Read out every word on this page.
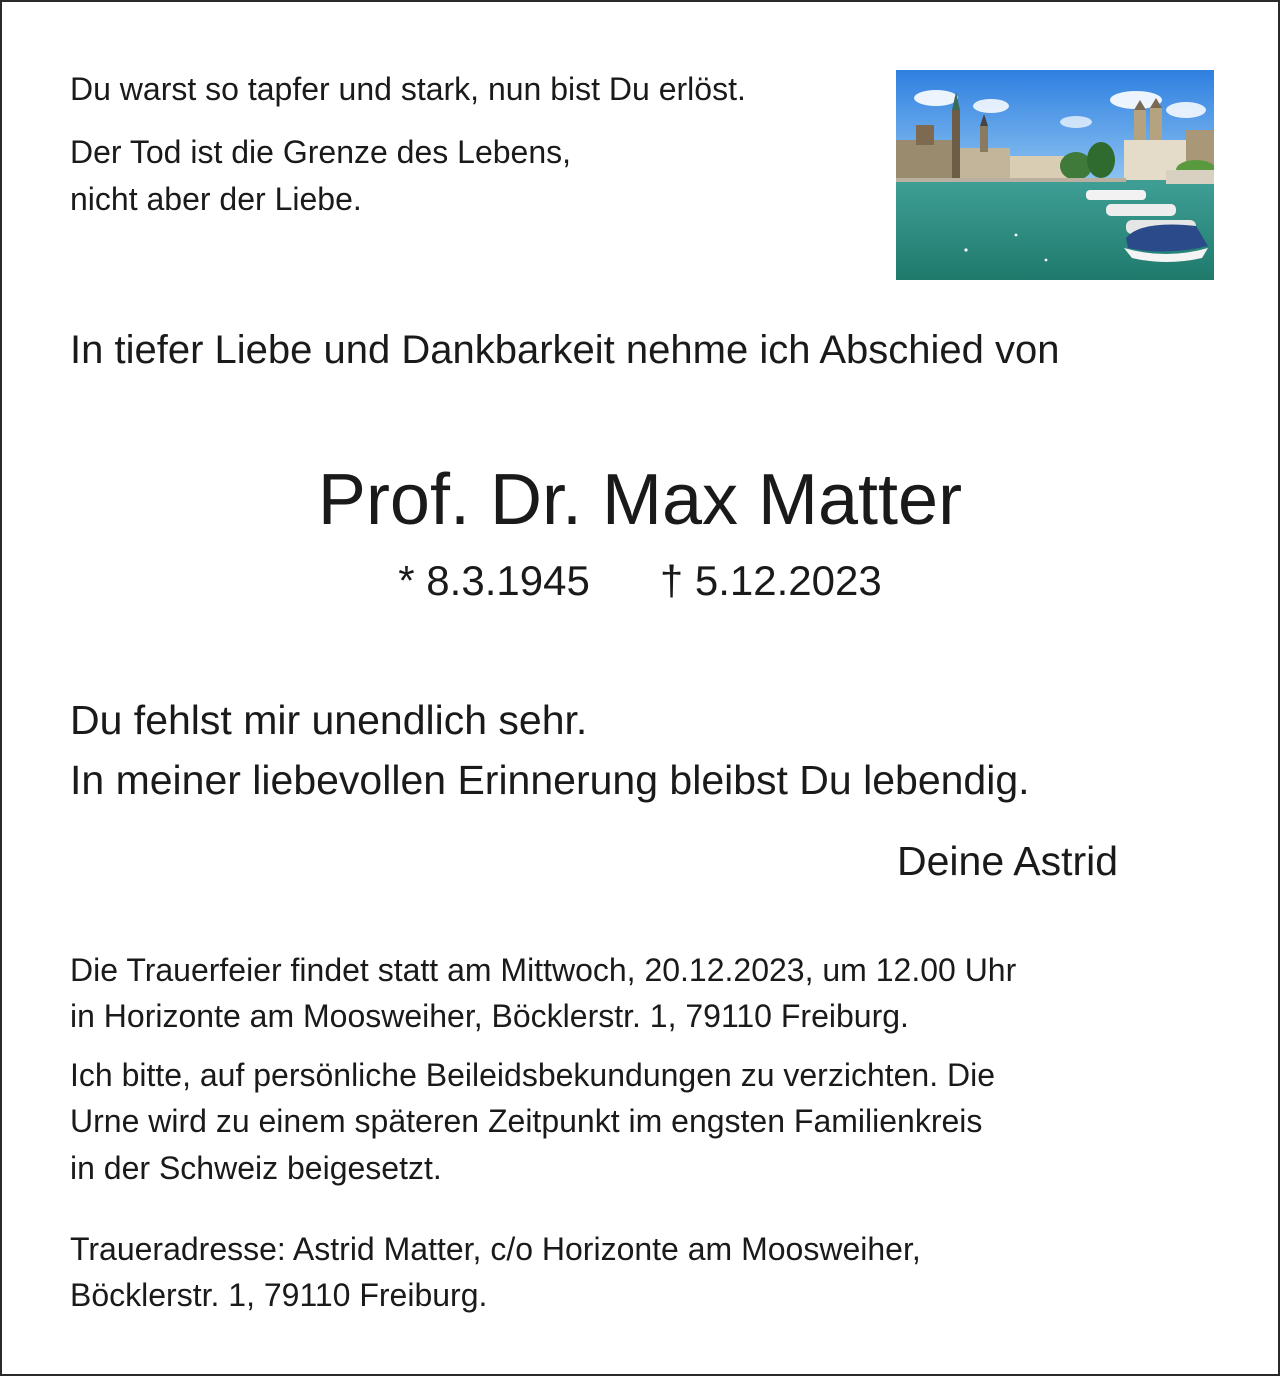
Du warst so tapfer und stark, nun bist Du erlöst.
Der Tod ist die Grenze des Lebens,
nicht aber der Liebe.
In tiefer Liebe und Dankbarkeit nehme ich Abschied von
Prof. Dr. Max Matter
* 8.3.1945 † 5.12.2023
Du fehlst mir unendlich sehr.
In meiner liebevollen Erinnerung bleibst Du lebendig.
Deine Astrid
Die Trauerfeier findet statt am Mittwoch, 20.12.2023, um 12.00 Uhr
in Horizonte am Moosweiher, Böcklerstr. 1, 79110 Freiburg.
Ich bitte, auf persönliche Beileidsbekundungen zu verzichten. Die
Urne wird zu einem späteren Zeitpunkt im engsten Familienkreis
in der Schweiz beigesetzt.
Traueradresse: Astrid Matter, c/o Horizonte am Moosweiher,
Böcklerstr. 1, 79110 Freiburg.
